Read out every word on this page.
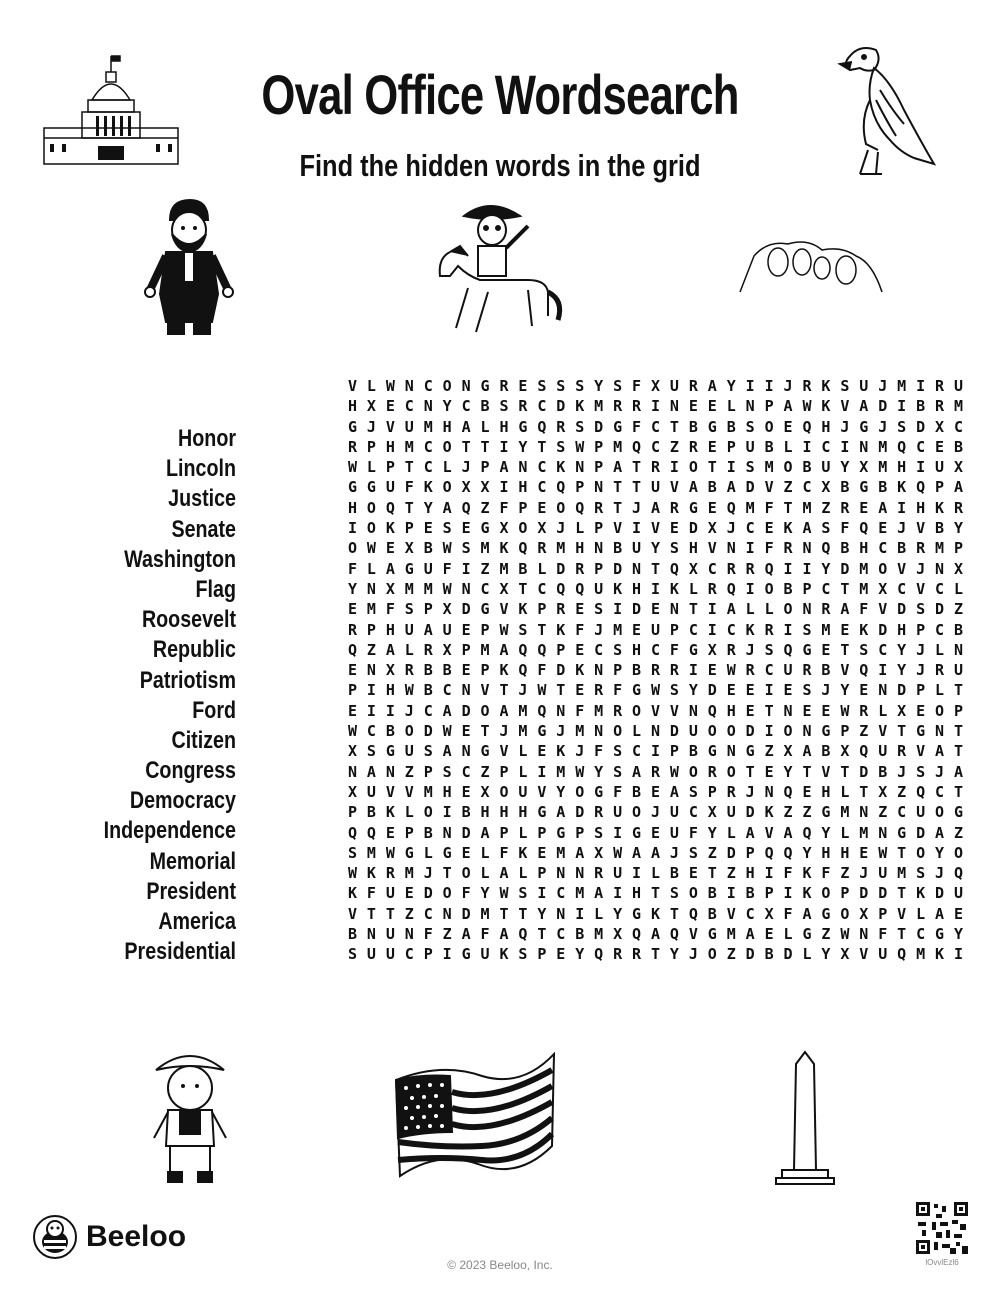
Oval Office Wordsearch
Find the hidden words in the grid
Honor
Lincoln
Justice
Senate
Washington
Flag
Roosevelt
Republic
Patriotism
Ford
Citizen
Congress
Democracy
Independence
Memorial
President
America
Presidential
V L W N C O N G R E S S S Y S F X U R A Y I I J R K S U J M I R U
H X E C N Y C B S R C D K M R R I N E E L N P A W K V A D I B R M
G J V U M H A L H G Q R S D G F C T B G B S O E Q H J G J S D X C
R P H M C O T T I Y T S W P M Q C Z R E P U B L I C I N M Q C E B
W L P T C L J P A N C K N P A T R I O T I S M O B U Y X M H I U X
G G U F K O X X I H C Q P N T T U V A B A D V Z C X B G B K Q P A
H O Q T Y A Q Z F P E O Q R T J A R G E Q M F T M Z R E A I H K R
I O K P E S E G X O X J L P V I V E D X J C E K A S F Q E J V B Y
O W E X B W S M K Q R M H N B U Y S H V N I F R N Q B H C B R M P
F L A G U F I Z M B L D R P D N T Q X C R R Q I I Y D M O V J N X
Y N X M M W N C X T C Q Q U K H I K L R Q I O B P C T M X C V C L
E M F S P X D G V K P R E S I D E N T I A L L O N R A F V D S D Z
R P H U A U E P W S T K F J M E U P C I C K R I S M E K D H P C B
Q Z A L R X P M A Q Q P E C S H C F G X R J S Q G E T S C Y J L N
E N X R B B E P K Q F D K N P B R R I E W R C U R B V Q I Y J R U
P I H W B C N V T J W T E R F G W S Y D E E I E S J Y E N D P L T
E I I J C A D O A M Q N F M R O V V N Q H E T N E E W R L X E O P
W C B O D W E T J M G J M N O L N D U O O D I O N G P Z V T G N T
X S G U S A N G V L E K J F S C I P B G N G Z X A B X Q U R V A T
N A N Z P S C Z P L I M W Y S A R W O R O T E Y T V T D B J S J A
X U V V M H E X O U V Y O G F B E A S P R J N Q E H L T X Z Q C T
P B K L O I B H H H G A D R U O J U C X U D K Z Z G M N Z C U O G
Q Q E P B N D A P L P G P S I G E U F Y L A V A Q Y L M N G D A Z
S M W G L G E L F K E M A X W A A J S Z D P Q Q Y H H E W T O Y O
W K R M J T O L A L P N N R U I L B E T Z H I F K F Z J U M S J Q
K F U E D O F Y W S I C M A I H T S O B I B P I K O P D D T K D U
V T T Z C N D M T T Y N I L Y G K T Q B V C X F A G O X P V L A E
B N U N F Z A F A Q T C B M X Q A Q V G M A E L G Z W N F T C G Y
S U U C P I G U K S P E Y Q R R T Y J O Z D B D L Y X V U Q M K I
Beeloo
© 2023 Beeloo, Inc.	lOvvlEzl6
